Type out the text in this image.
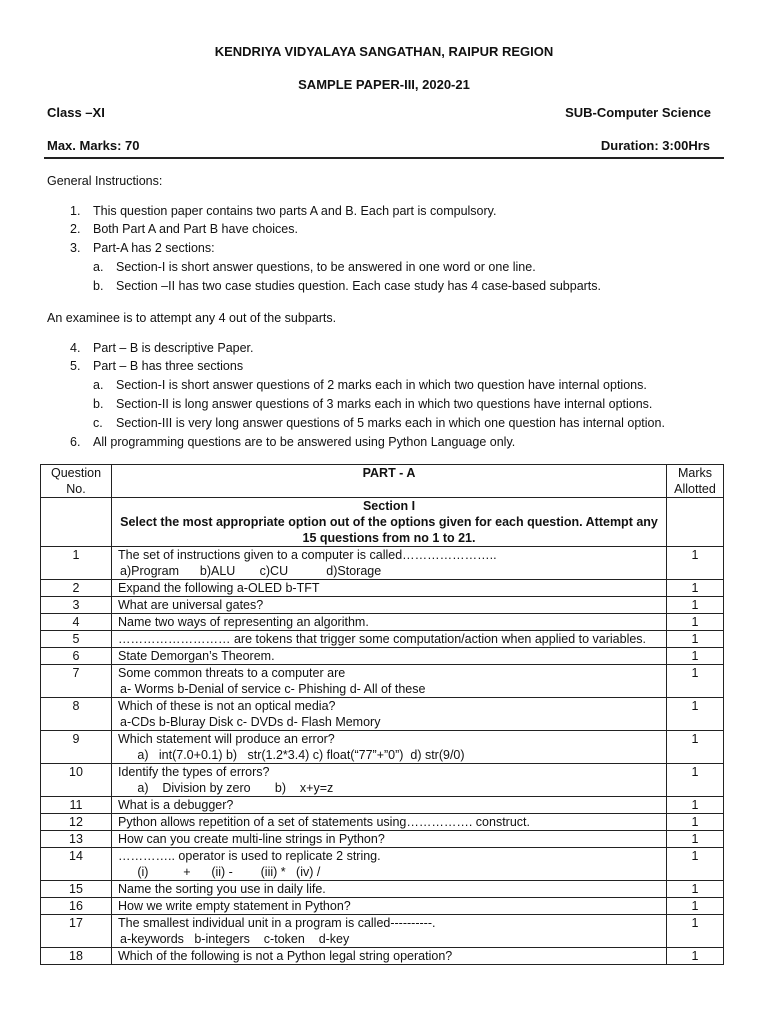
KENDRIYA VIDYALAYA SANGATHAN, RAIPUR REGION
SAMPLE PAPER-III, 2020-21
Class –XI	SUB-Computer Science
Max. Marks: 70	Duration: 3:00Hrs
General Instructions:
1. This question paper contains two parts A and B. Each part is compulsory.
2. Both Part A and Part B have choices.
3. Part-A has 2 sections:
a. Section-I is short answer questions, to be answered in one word or one line.
b. Section –II has two case studies question. Each case study has 4 case-based subparts.
An examinee is to attempt any 4 out of the subparts.
4. Part – B is descriptive Paper.
5. Part – B has three sections
a. Section-I is short answer questions of 2 marks each in which two question have internal options.
b. Section-II is long answer questions of 3 marks each in which two questions have internal options.
c. Section-III is very long answer questions of 5 marks each in which one question has internal option.
6. All programming questions are to be answered using Python Language only.
Question No.	PART - A	Marks Allotted

	Section I
Select the most appropriate option out of the options given for each question. Attempt any 15 questions from no 1 to 21.	

1	The set of instructions given to a computer is called…………………..
a)Program      b)ALU       c)CU           d)Storage	1
2	Expand the following a-OLED b-TFT	1
3	What are universal gates?	1
4	Name two ways of representing an algorithm.	1
5	……………………… are tokens that trigger some computation/action when applied to variables.	1
6	State Demorgan’s Theorem.	1
7	Some common threats to a computer are
a- Worms b-Denial of service c- Phishing d- All of these	1
8	Which of these is not an optical media?
a-CDs b-Bluray Disk c- DVDs d- Flash Memory	1
9	Which statement will produce an error?
a)   int(7.0+0.1) b)   str(1.2*3.4) c) float(“77”+”0”)  d) str(9/0)	1
10	Identify the types of errors?
a)    Division by zero       b)    x+y=z	1
11	What is a debugger?	1
12	Python allows repetition of a set of statements using……………. construct.	1
13	How can you create multi-line strings in Python?	1
14	………….. operator is used to replicate 2 string.
(i)          +      (ii) -        (iii) *   (iv) /	1
15	Name the sorting you use in daily life.	1
16	How we write empty statement in Python?	1
17	The smallest individual unit in a program is called----------.
a-keywords   b-integers    c-token    d-key	1
18	Which of the following is not a Python legal string operation?	1
